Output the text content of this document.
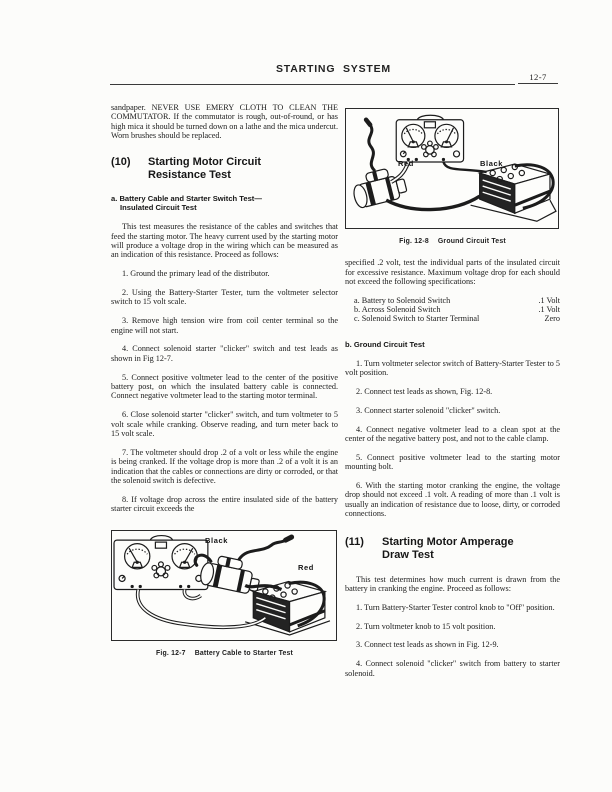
STARTING SYSTEM
12-7

sandpaper. NEVER USE EMERY CLOTH TO CLEAN THE COMMUTATOR. If the commutator is rough, out-of-round, or has high mica it should be turned down on a lathe and the mica undercut. Worn brushes should be replaced.

(10)	Starting Motor Circuit
Resistance Test
a. Battery Cable and Starter Switch Test—
Insulated Circuit Test

This test measures the resistance of the cables and switches that feed the starting motor. The heavy current used by the starting motor will produce a voltage drop in the wiring which can be measured as an indication of this resistance. Proceed as follows:

1. Ground the primary lead of the distributor.

2. Using the Battery-Starter Tester, turn the voltmeter selector switch to 15 volt scale.

3. Remove high tension wire from coil center terminal so the engine will not start.

4. Connect solenoid starter "clicker" switch and test leads as shown in Fig 12-7.

5. Connect positive voltmeter lead to the center of the positive battery post, on which the insulated battery cable is connected. Connect negative voltmeter lead to the starting motor terminal.

6. Close solenoid starter "clicker" switch, and turn voltmeter to 5 volt scale while cranking. Observe reading, and turn meter back to 15 volt scale.

7. The voltmeter should drop .2 of a volt or less while the engine is being cranked. If the voltage drop is more than .2 of a volt it is an indication that the cables or connections are dirty or corroded, or that the solenoid switch is defective.

8. If voltage drop across the entire insulated side of the battery starter circuit exceeds the

Black
Red
Fig. 12-7 Battery Cable to Starter Test
Red	Black
Fig. 12-8 Ground Circuit Test

specified .2 volt, test the individual parts of the insulated circuit for excessive resistance. Maximum voltage drop for each should not exceed the following specifications:

a. Battery to Solenoid Switch	.1 Volt
b. Across Solenoid Switch	.1 Volt
c. Solenoid Switch to Starter Terminal	Zero
b. Ground Circuit Test

1. Turn voltmeter selector switch of Battery-Starter Tester to 5 volt position.

2. Connect test leads as shown, Fig. 12-8.

3. Connect starter solenoid "clicker" switch.

4. Connect negative voltmeter lead to a clean spot at the center of the negative battery post, and not to the cable clamp.

5. Connect positive voltmeter lead to the starting motor mounting bolt.

6. With the starting motor cranking the engine, the voltage drop should not exceed .1 volt. A reading of more than .1 volt is usually an indication of resistance due to loose, dirty, or corroded connections.

(11)	Starting Motor Amperage
Draw Test

This test determines how much current is drawn from the battery in cranking the engine. Proceed as follows:

1. Turn Battery-Starter Tester control knob to "Off" position.

2. Turn voltmeter knob to 15 volt position.

3. Connect test leads as shown in Fig. 12-9.

4. Connect solenoid "clicker" switch from battery to starter solenoid.
